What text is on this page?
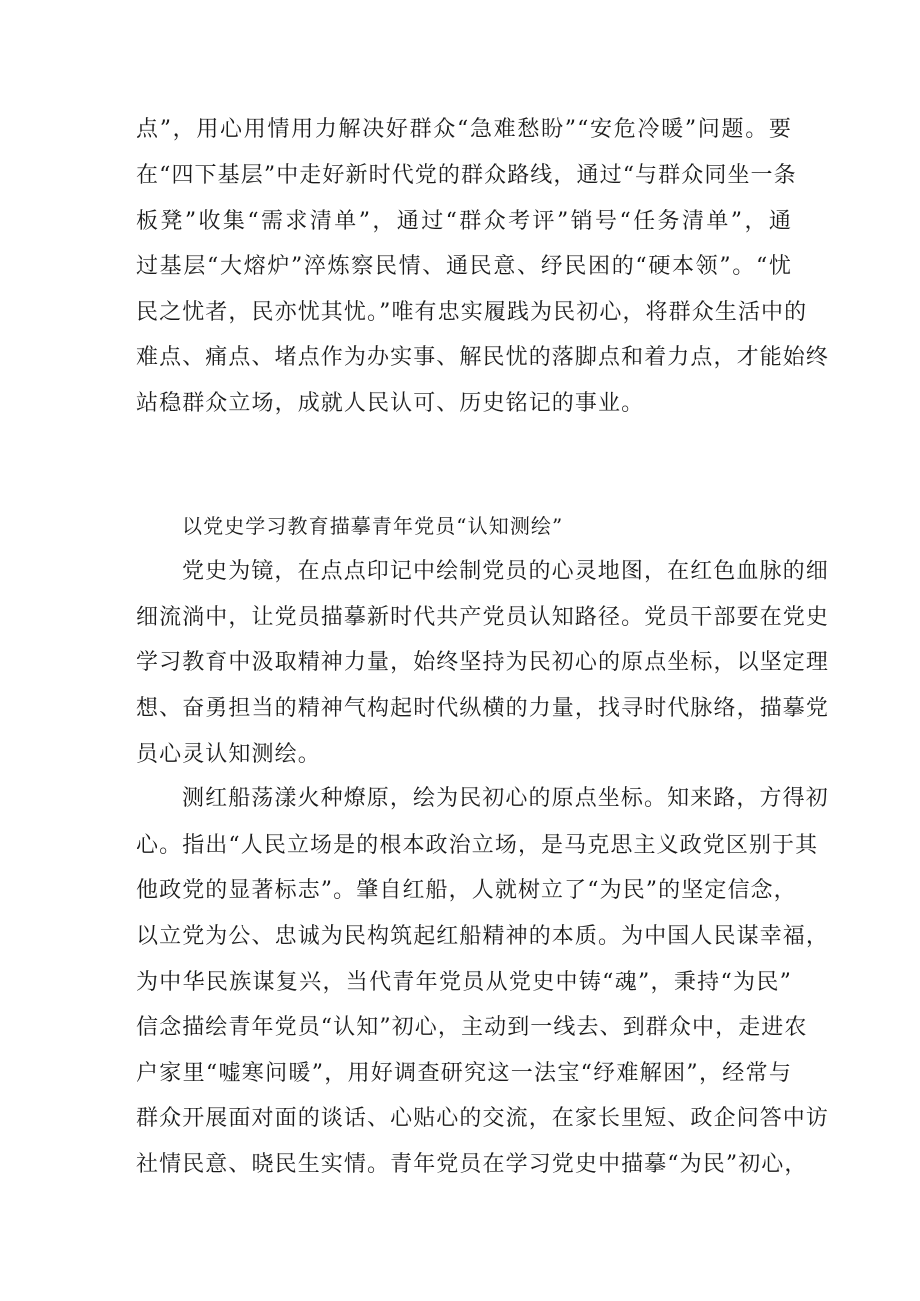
点”，用心用情用力解决好群众“急难愁盼”“安危冷暖”问题。要
在“四下基层”中走好新时代党的群众路线，通过“与群众同坐一条
板凳”收集“需求清单”，通过“群众考评”销号“任务清单”，通
过基层“大熔炉”淬炼察民情、通民意、纾民困的“硬本领”。“忧
民之忧者，民亦忧其忧。”唯有忠实履践为民初心，将群众生活中的
难点、痛点、堵点作为办实事、解民忧的落脚点和着力点，才能始终
站稳群众立场，成就人民认可、历史铭记的事业。
以党史学习教育描摹青年党员“认知测绘”
党史为镜，在点点印记中绘制党员的心灵地图，在红色血脉的细
细流淌中，让党员描摹新时代共产党员认知路径。党员干部要在党史
学习教育中汲取精神力量，始终坚持为民初心的原点坐标，以坚定理
想、奋勇担当的精神气构起时代纵横的力量，找寻时代脉络，描摹党
员心灵认知测绘。
测红船荡漾火种燎原，绘为民初心的原点坐标。知来路，方得初
心。指出“人民立场是的根本政治立场，是马克思主义政党区别于其
他政党的显著标志”。肇自红船，人就树立了“为民”的坚定信念，
以立党为公、忠诚为民构筑起红船精神的本质。为中国人民谋幸福，
为中华民族谋复兴，当代青年党员从党史中铸“魂”，秉持“为民”
信念描绘青年党员“认知”初心，主动到一线去、到群众中，走进农
户家里“嘘寒问暖”，用好调查研究这一法宝“纾难解困”，经常与
群众开展面对面的谈话、心贴心的交流，在家长里短、政企问答中访
社情民意、晓民生实情。青年党员在学习党史中描摹“为民”初心，
